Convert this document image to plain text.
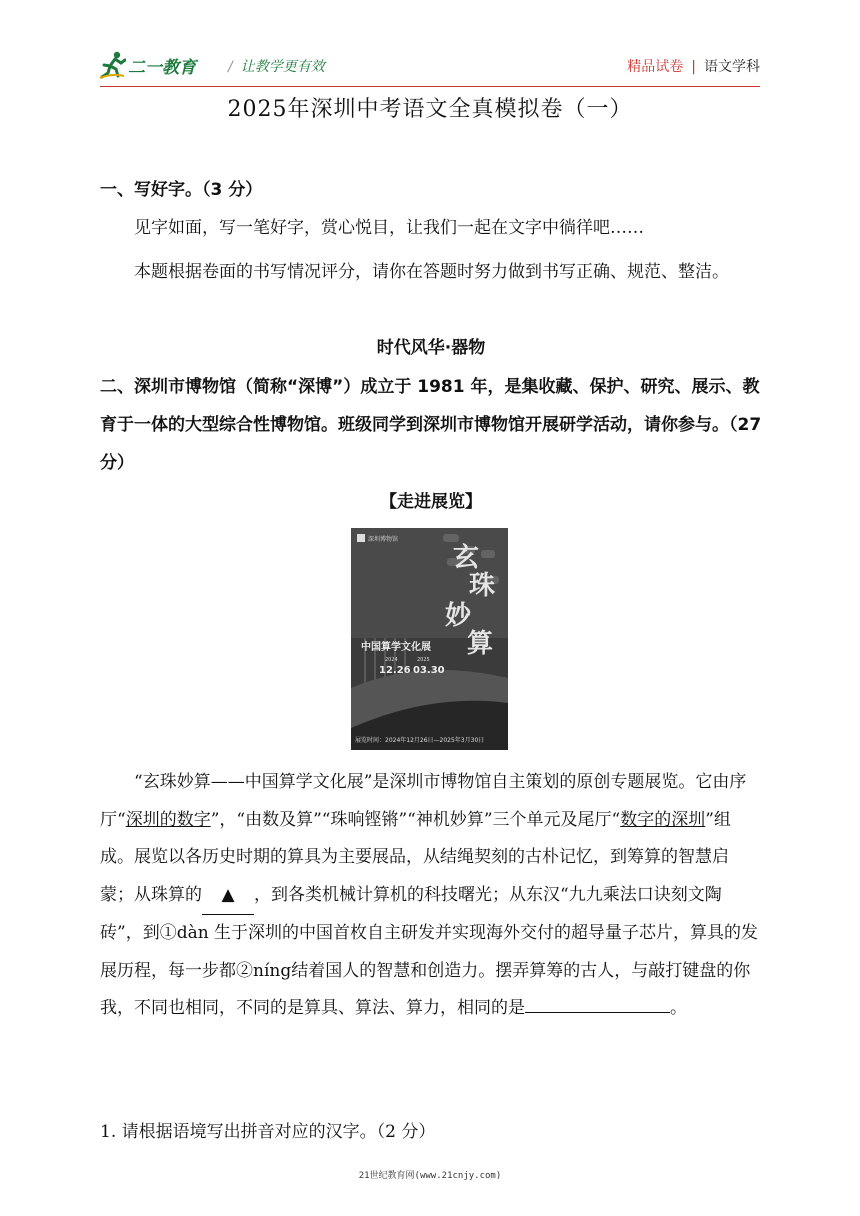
二一教育 / 让教学更有效	精品试卷 | 语文学科
2025年深圳中考语文全真模拟卷（一）
一、写好字。（3 分）
见字如面，写一笔好字，赏心悦目，让我们一起在文字中徜徉吧……
本题根据卷面的书写情况评分，请你在答题时努力做到书写正确、规范、整洁。
时代风华·器物
二、深圳市博物馆（简称“深博”）成立于 1981 年，是集收藏、保护、研究、展示、教育于一体的大型综合性博物馆。班级同学到深圳市博物馆开展研学活动，请你参与。（27 分）
【走进展览】
深圳博物馆
玄
珠
妙
算
中国算学文化展
2024
12.26
2025
03.30
展览时间：2024年12月26日—2025年3月30日
“玄珠妙算——中国算学文化展”是深圳市博物馆自主策划的原创专题展览。它由序厅“深圳的数字”，“由数及算”“珠响铿锵”“神机妙算”三个单元及尾厅“数字的深圳”组成。展览以各历史时期的算具为主要展品，从结绳契刻的古朴记忆，到筹算的智慧启蒙；从珠算的 ▲ ，到各类机械计算机的科技曙光；从东汉“九九乘法口诀刻文陶砖”，到①dàn 生于深圳的中国首枚自主研发并实现海外交付的超导量子芯片，算具的发展历程，每一步都②níng结着国人的智慧和创造力。摆弄算筹的古人，与敲打键盘的你我，不同也相同，不同的是算具、算法、算力，相同的是	。
1. 请根据语境写出拼音对应的汉字。（2 分）
21世纪教育网(www.21cnjy.com)
